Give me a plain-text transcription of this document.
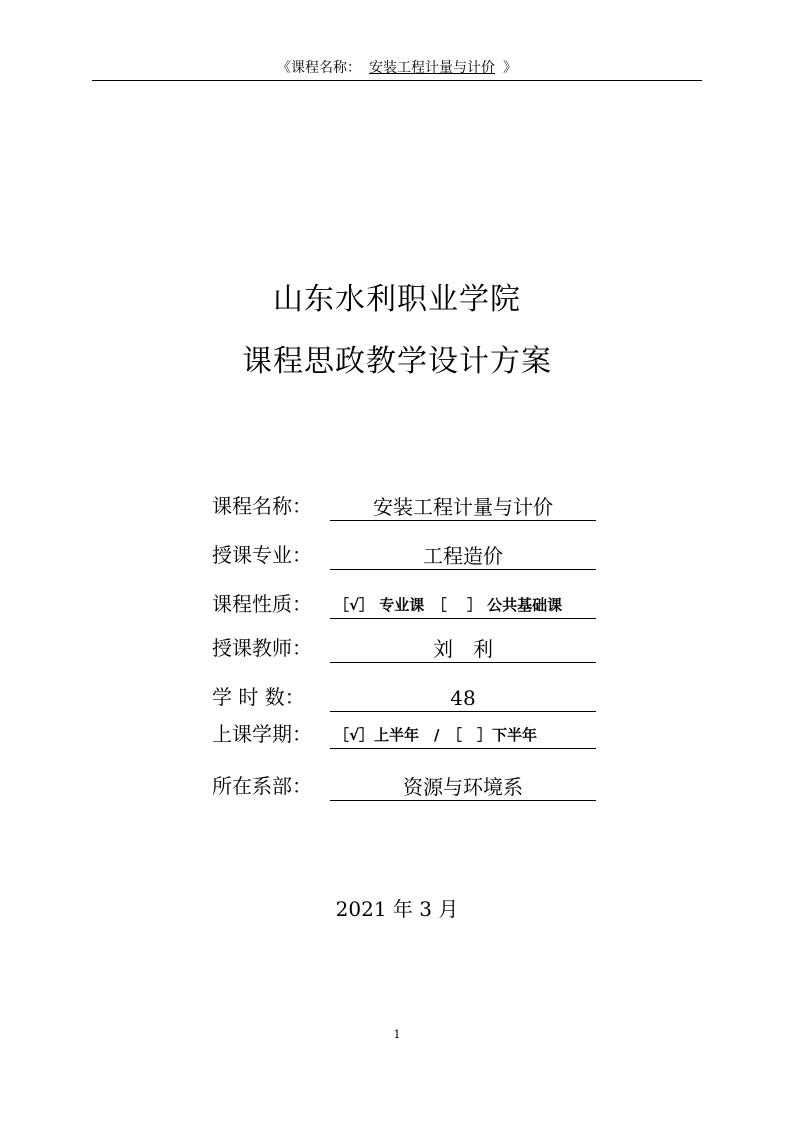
《课程名称： 安装工程计量与计价 》
山东水利职业学院
课程思政教学设计方案
课程名称：	安装工程计量与计价
授课专业：	工程造价
课程性质： ［√］ 专业课　［　 ］ 公共基础课
授课教师：	刘　利
学 时 数：	48
上课学期： ［√］上半年　/　［　］下半年
所在系部：	资源与环境系
2021 年 3 月
1
